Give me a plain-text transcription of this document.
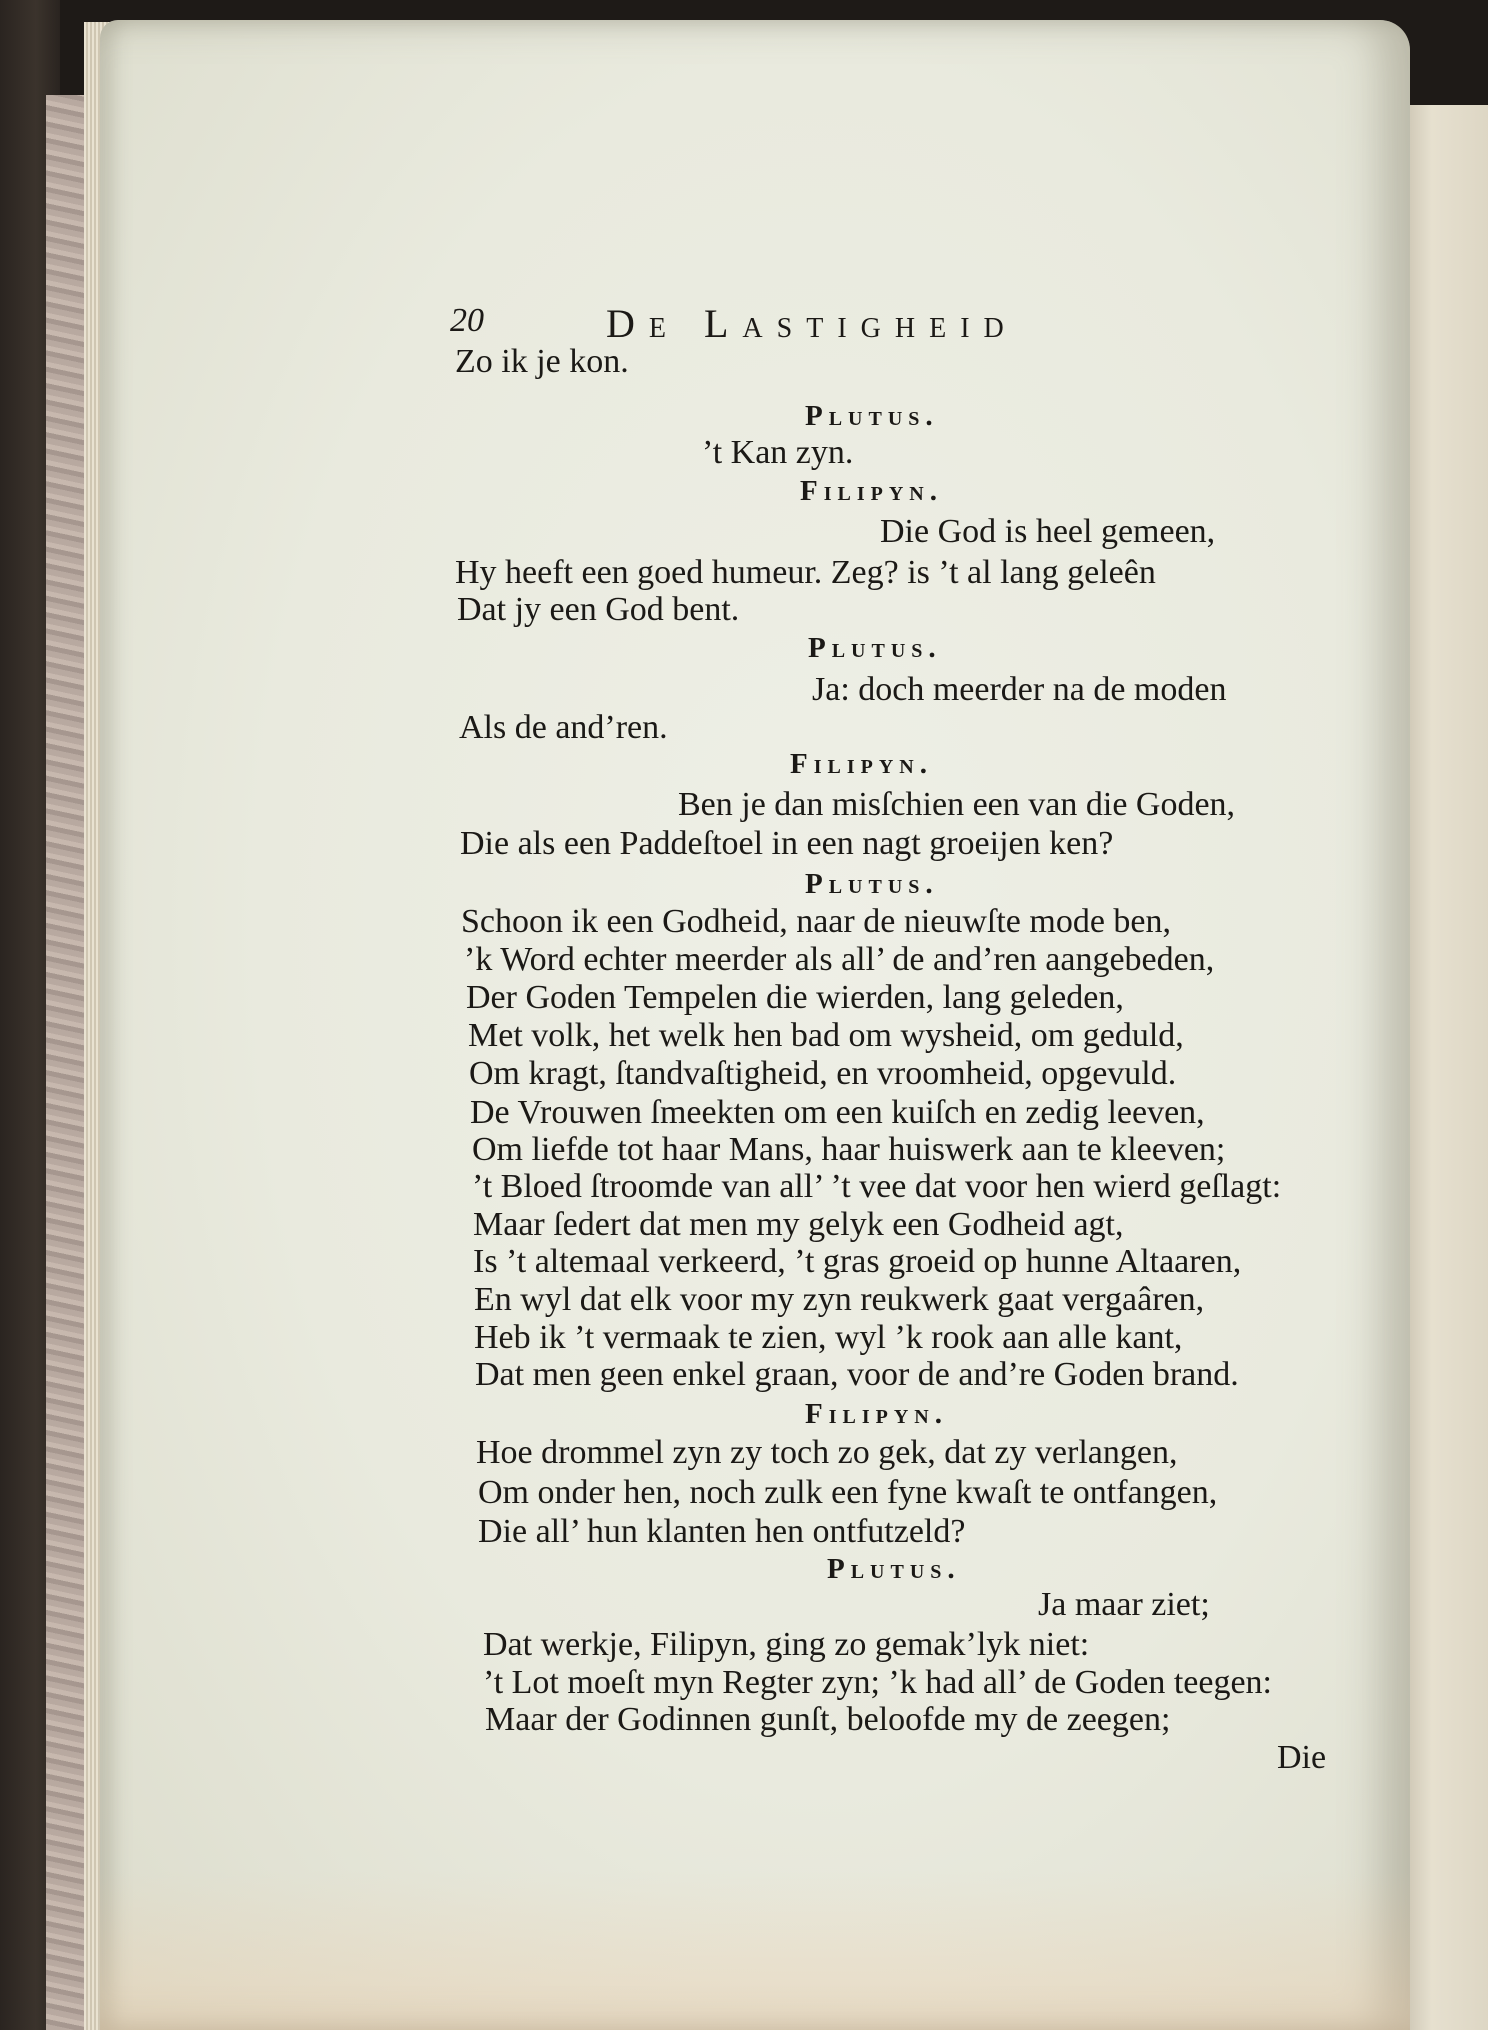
20	De Lastigheid
Zo ik je kon.
Plutus.
’t Kan zyn.
Filipyn.
Die God is heel gemeen,
Hy heeft een goed humeur. Zeg? is ’t al lang geleên
Dat jy een God bent.
Plutus.
Ja: doch meerder na de moden
Als de and’ren.
Filipyn.
Ben je dan misſchien een van die Goden,
Die als een Paddeſtoel in een nagt groeijen ken?
Plutus.
Schoon ik een Godheid, naar de nieuwſte mode ben,
’k Word echter meerder als all’ de and’ren aangebeden,
Der Goden Tempelen die wierden, lang geleden,
Met volk, het welk hen bad om wysheid, om geduld,
Om kragt, ſtandvaſtigheid, en vroomheid, opgevuld.
De Vrouwen ſmeekten om een kuiſch en zedig leeven,
Om liefde tot haar Mans, haar huiswerk aan te kleeven;
’t Bloed ſtroomde van all’ ’t vee dat voor hen wierd geſlagt:
Maar ſedert dat men my gelyk een Godheid agt,
Is ’t altemaal verkeerd, ’t gras groeid op hunne Altaaren,
En wyl dat elk voor my zyn reukwerk gaat vergaâren,
Heb ik ’t vermaak te zien, wyl ’k rook aan alle kant,
Dat men geen enkel graan, voor de and’re Goden brand.
Filipyn.
Hoe drommel zyn zy toch zo gek, dat zy verlangen,
Om onder hen, noch zulk een fyne kwaſt te ontfangen,
Die all’ hun klanten hen ontfutzeld?
Plutus.
Ja maar ziet;
Dat werkje, Filipyn, ging zo gemak’lyk niet:
’t Lot moeſt myn Regter zyn; ’k had all’ de Goden teegen:
Maar der Godinnen gunſt, beloofde my de zeegen;
Die
